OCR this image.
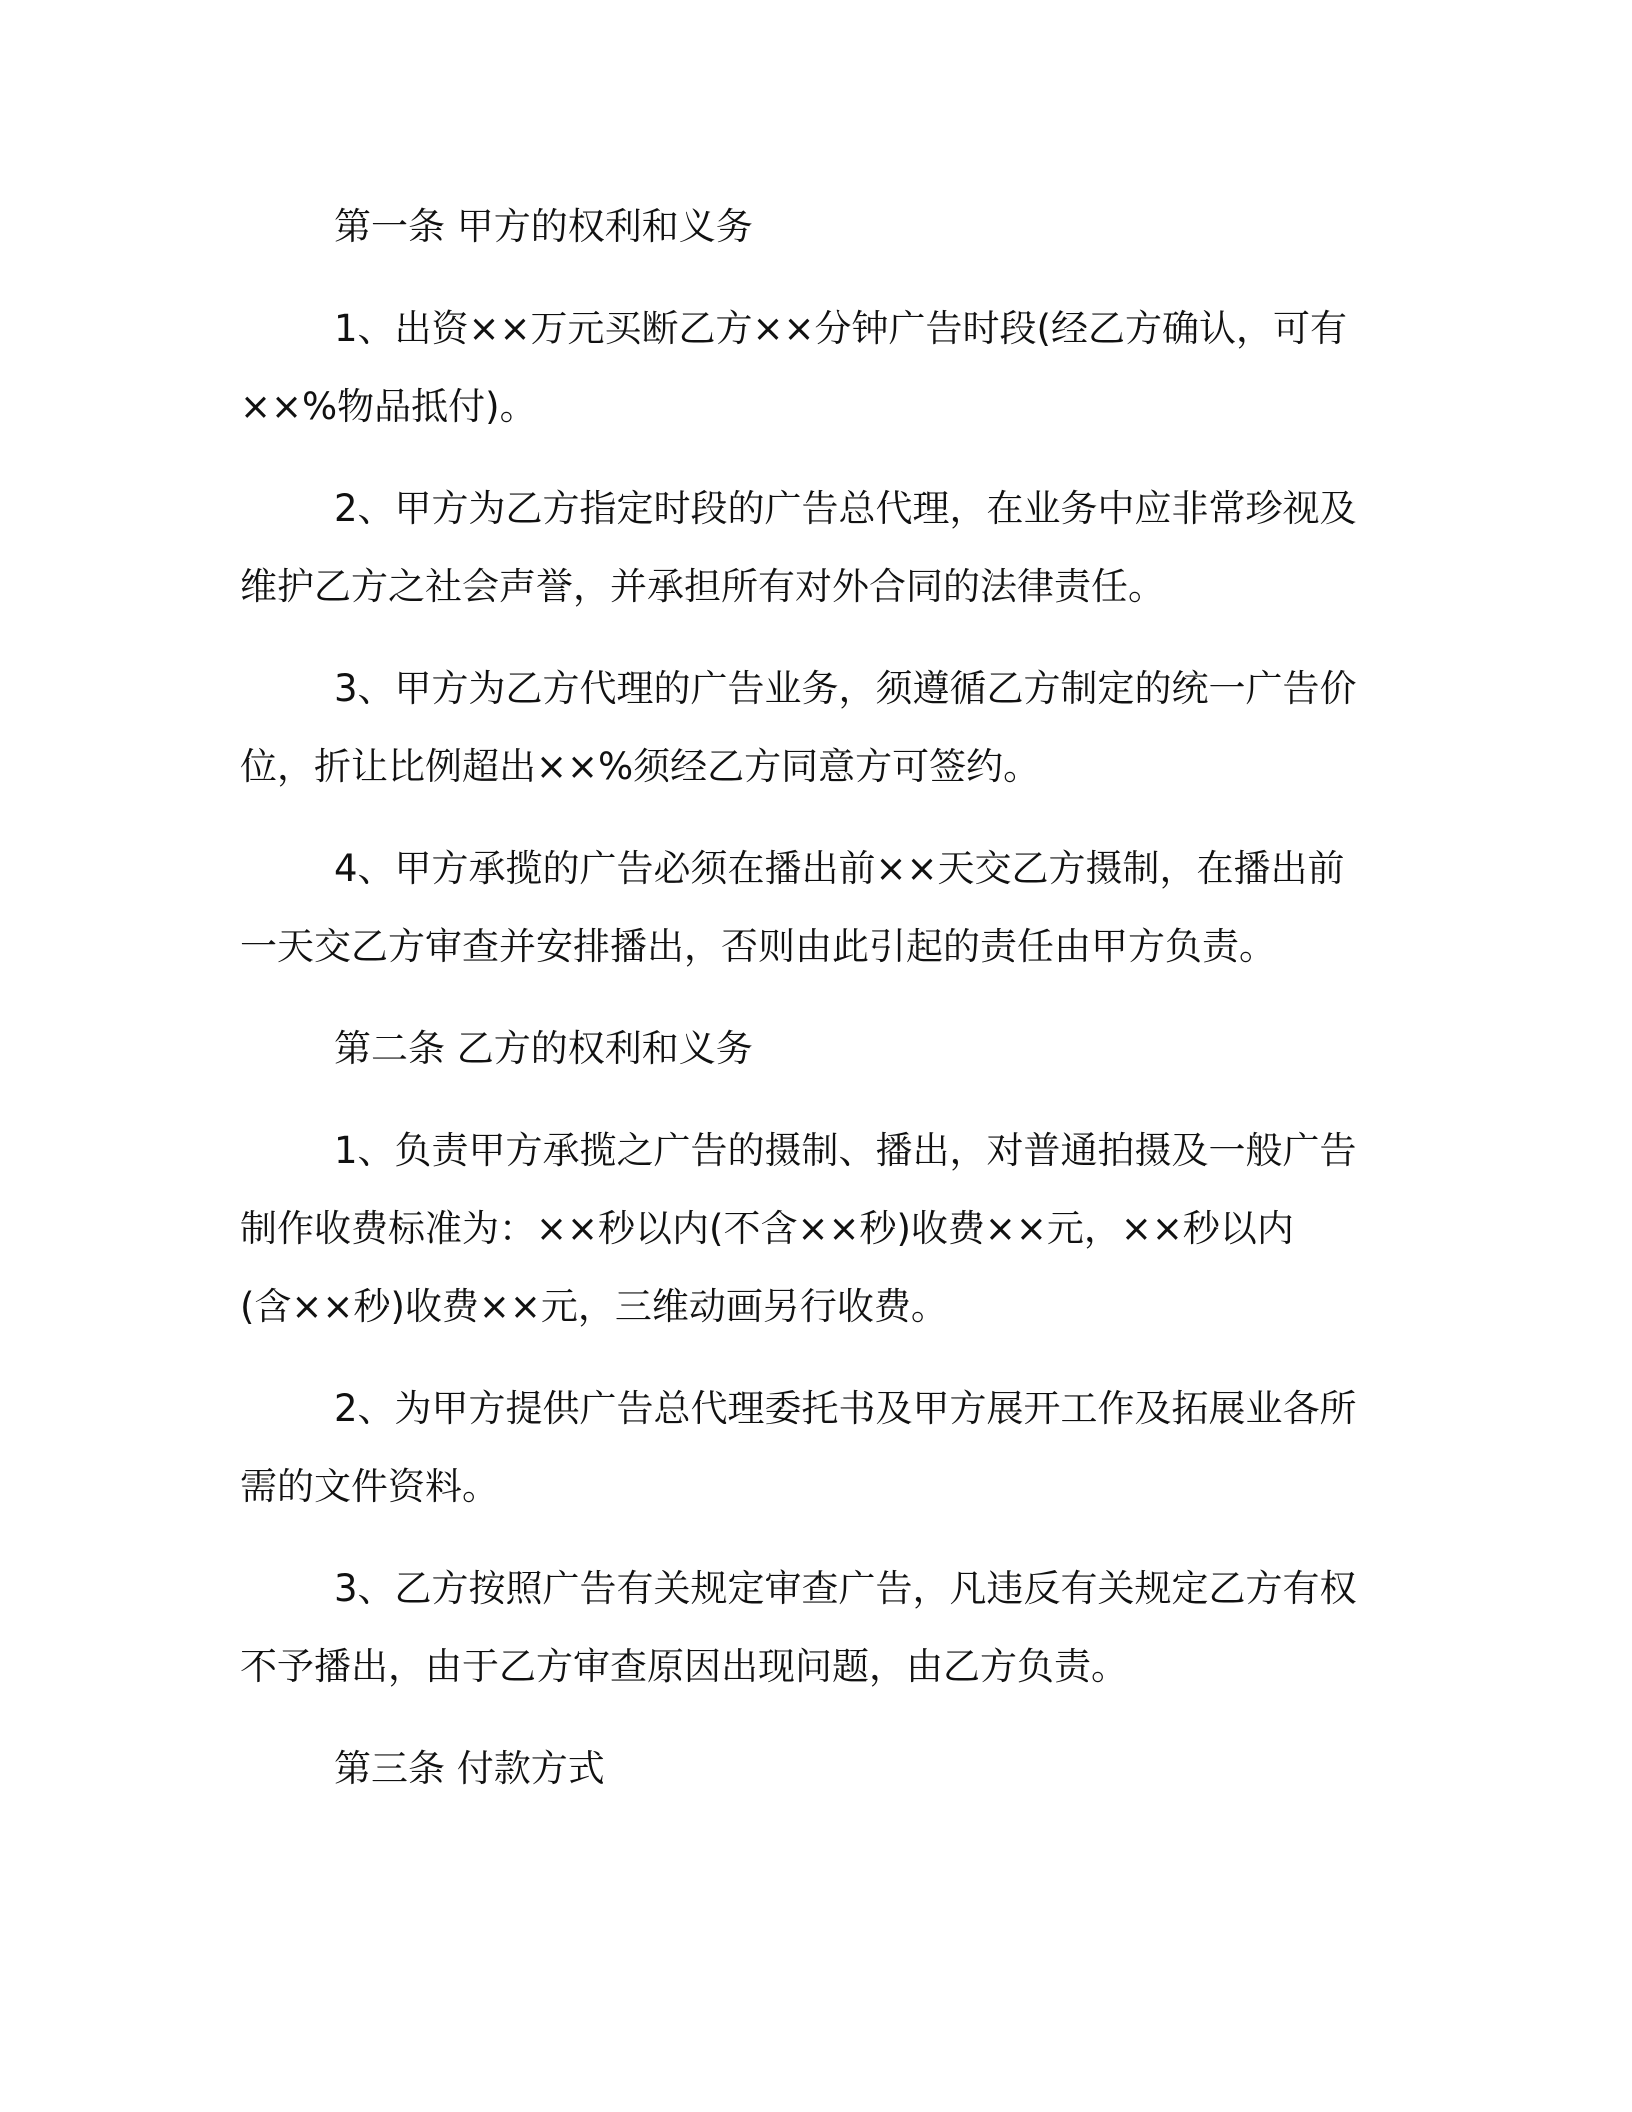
第一条 甲方的权利和义务
1、出资××万元买断乙方××分钟广告时段(经乙方确认，可有
××%物品抵付)。
2、甲方为乙方指定时段的广告总代理，在业务中应非常珍视及
维护乙方之社会声誉，并承担所有对外合同的法律责任。
3、甲方为乙方代理的广告业务，须遵循乙方制定的统一广告价
位，折让比例超出××%须经乙方同意方可签约。
4、甲方承揽的广告必须在播出前××天交乙方摄制，在播出前
一天交乙方审查并安排播出，否则由此引起的责任由甲方负责。
第二条 乙方的权利和义务
1、负责甲方承揽之广告的摄制、播出，对普通拍摄及一般广告
制作收费标准为：××秒以内(不含××秒)收费××元，××秒以内
(含××秒)收费××元，三维动画另行收费。
2、为甲方提供广告总代理委托书及甲方展开工作及拓展业各所
需的文件资料。
3、乙方按照广告有关规定审查广告，凡违反有关规定乙方有权
不予播出，由于乙方审查原因出现问题，由乙方负责。
第三条 付款方式
